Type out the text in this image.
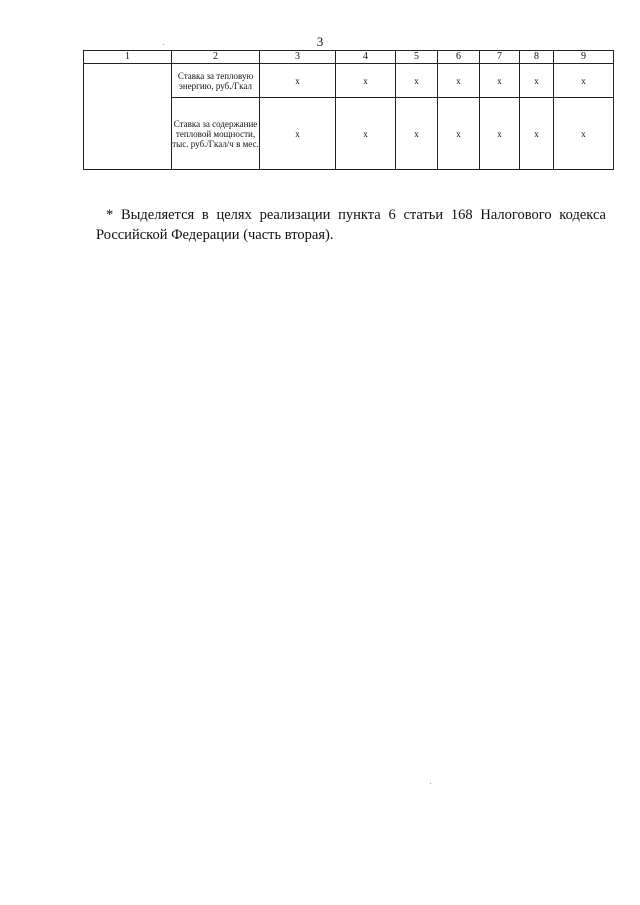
3
1	2	3	4	5	6	7	8	9
	Ставка за тепловую энергию, руб./Гкал	х	х	х	х	х	х	х
	Ставка за содержание тепловой мощности, тыс. руб./Гкал/ч в мес.	х	х	х	х	х	х	х

* Выделяется в целях реализации пункта 6 статьи 168 Налогового кодекса Российской Федерации (часть вторая).
